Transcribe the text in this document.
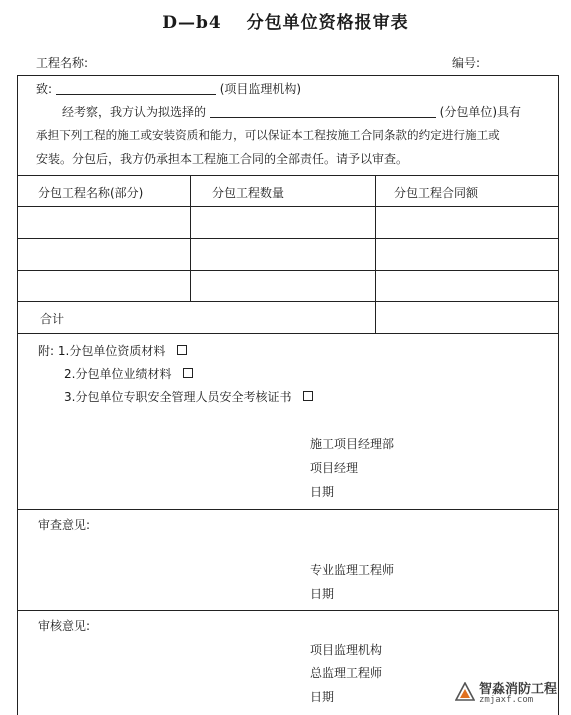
D—b4　 分包单位资格报审表
工程名称:	编号:
致:	(项目监理机构)
经考察，我方认为拟选择的	(分包单位)具有
承担下列工程的施工或安装资质和能力，可以保证本工程按施工合同条款的约定进行施工或
安装。分包后，我方仍承担本工程施工合同的全部责任。请予以审查。
分包工程名称(部分)	分包工程数量	分包工程合同额
合计
附: 1.分包单位资质材料
2.分包单位业绩材料
3.分包单位专职安全管理人员安全考核证书
施工项目经理部
项目经理
日期
审查意见:
专业监理工程师
日期
审核意见:
项目监理机构
总监理工程师
日期	智淼消防工程
zmjaxf.com
